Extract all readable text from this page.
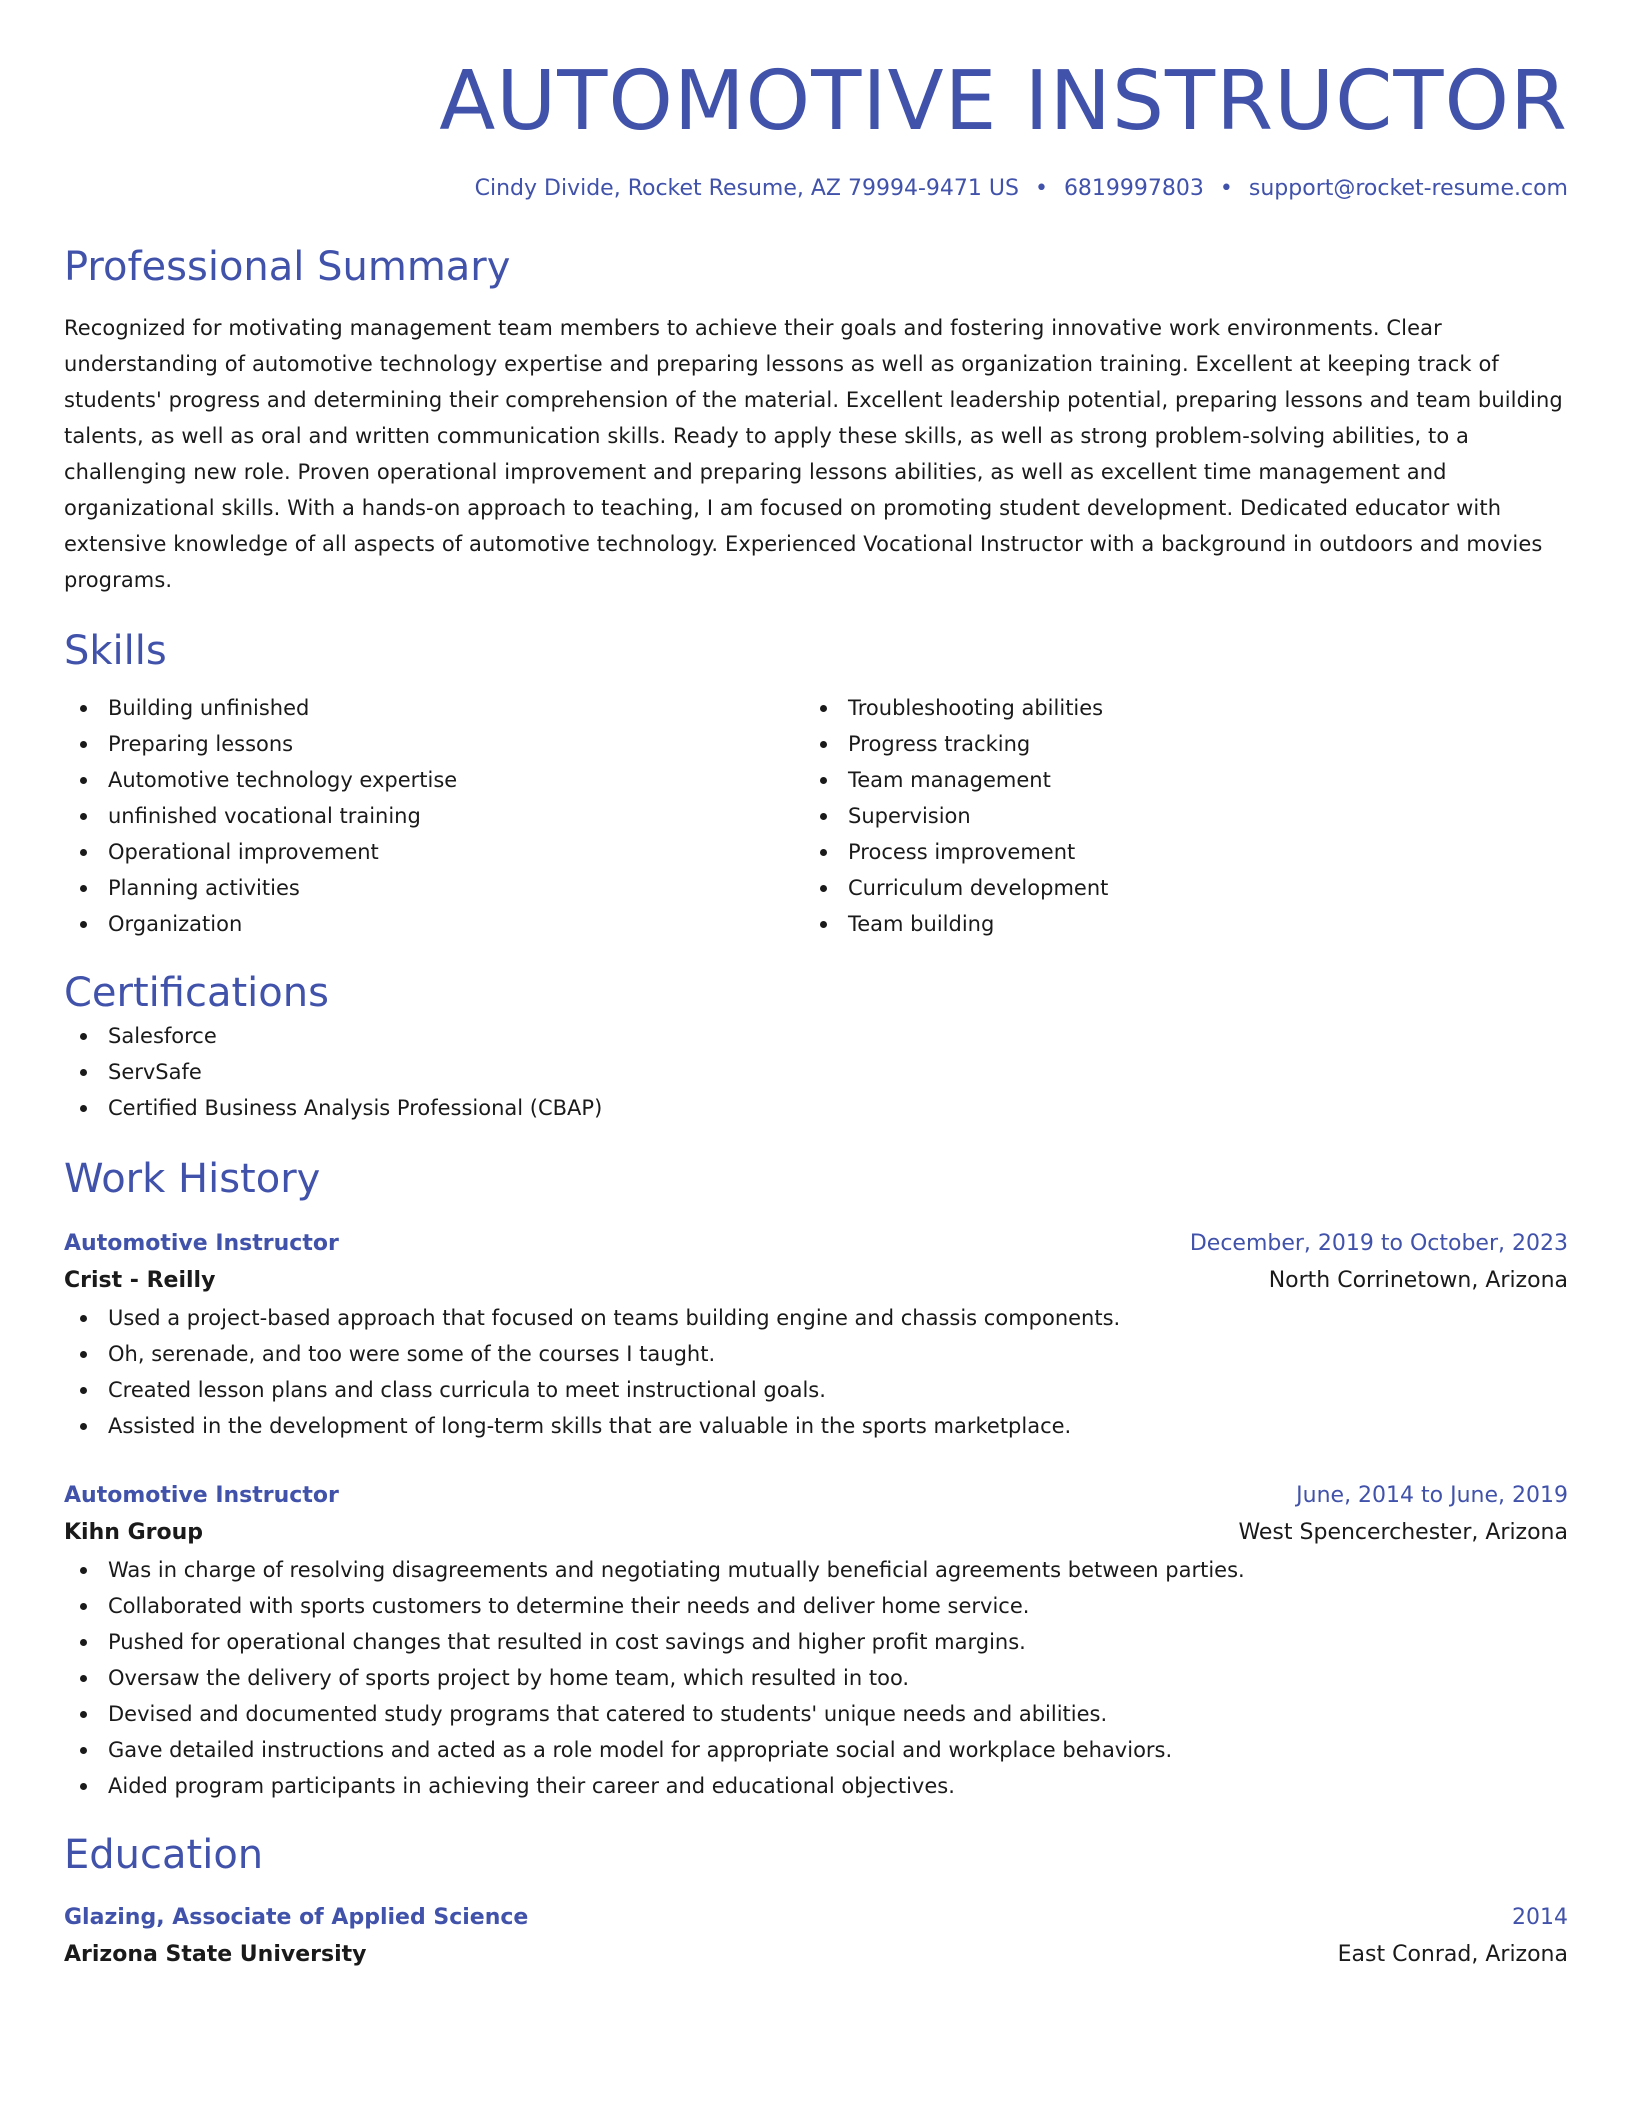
AUTOMOTIVE INSTRUCTOR
Cindy Divide, Rocket Resume, AZ 79994-9471 US • 6819997803 • support@rocket-resume.com
Professional Summary
Recognized for motivating management team members to achieve their goals and fostering innovative work environments. Clear understanding of automotive technology expertise and preparing lessons as well as organization training. Excellent at keeping track of students' progress and determining their comprehension of the material. Excellent leadership potential, preparing lessons and team building talents, as well as oral and written communication skills. Ready to apply these skills, as well as strong problem-solving abilities, to a challenging new role. Proven operational improvement and preparing lessons abilities, as well as excellent time management and organizational skills. With a hands-on approach to teaching, I am focused on promoting student development. Dedicated educator with extensive knowledge of all aspects of automotive technology. Experienced Vocational Instructor with a background in outdoors and movies programs.
Skills
Building unfinished
Preparing lessons
Automotive technology expertise
unfinished vocational training
Operational improvement
Planning activities
Organization
Troubleshooting abilities
Progress tracking
Team management
Supervision
Process improvement
Curriculum development
Team building
Certifications
Salesforce
ServSafe
Certified Business Analysis Professional (CBAP)
Work History
Automotive Instructor	December, 2019 to October, 2023
Crist - Reilly	North Corrinetown, Arizona
Used a project-based approach that focused on teams building engine and chassis components.
Oh, serenade, and too were some of the courses I taught.
Created lesson plans and class curricula to meet instructional goals.
Assisted in the development of long-term skills that are valuable in the sports marketplace.
Automotive Instructor	June, 2014 to June, 2019
Kihn Group	West Spencerchester, Arizona
Was in charge of resolving disagreements and negotiating mutually beneficial agreements between parties.
Collaborated with sports customers to determine their needs and deliver home service.
Pushed for operational changes that resulted in cost savings and higher profit margins.
Oversaw the delivery of sports project by home team, which resulted in too.
Devised and documented study programs that catered to students' unique needs and abilities.
Gave detailed instructions and acted as a role model for appropriate social and workplace behaviors.
Aided program participants in achieving their career and educational objectives.
Education
Glazing, Associate of Applied Science	2014
Arizona State University	East Conrad, Arizona
